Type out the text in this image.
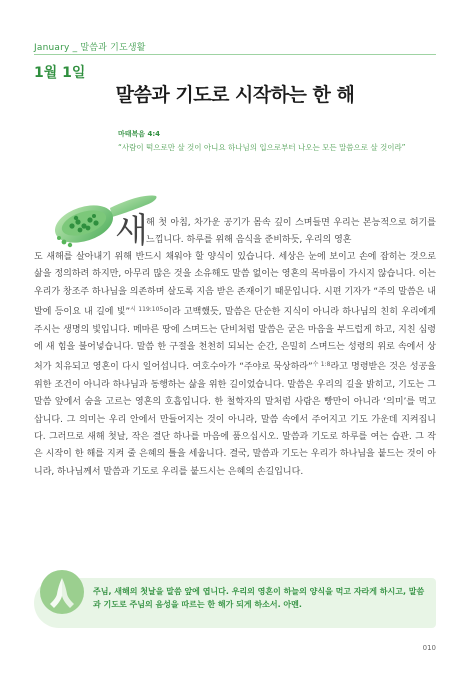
January _ 말씀과 기도생활
1월 1일
말씀과 기도로 시작하는 한 해
마태복음 4:4
“사람이 떡으로만 살 것이 아니요 하나님의 입으로부터 나오는 모든 말씀으로 살 것이라”
새

해 첫 아침, 차가운 공기가 몸속 깊이 스며들면 우리는 본능적으로 허기를 느낍니다. 하루를 위해 음식을 준비하듯, 우리의 영혼

도 새해를 살아내기 위해 반드시 채워야 할 양식이 있습니다. 세상은 눈에 보이고 손에 잡히는 것으로 삶을 정의하려 하지만, 아무리 많은 것을 소유해도 말씀 없이는 영혼의 목마름이 가시지 않습니다. 이는 우리가 창조주 하나님을 의존하며 살도록 지음 받은 존재이기 때문입니다. 시편 기자가 “주의 말씀은 내 발에 등이요 내 길에 빛”$^{시 119:105}$이라 고백했듯, 말씀은 단순한 지식이 아니라 하나님의 친히 우리에게 주시는 생명의 빛입니다. 메마른 땅에 스며드는 단비처럼 말씀은 굳은 마음을 부드럽게 하고, 지친 심령에 새 힘을 불어넣습니다. 말씀 한 구절을 천천히 되뇌는 순간, 은밀히 스며드는 성령의 위로 속에서 상처가 치유되고 영혼이 다시 일어섭니다. 여호수아가 “주야로 묵상하라”$^{수 1:8}$라고 명령받은 것은 성공을 위한 조건이 아니라 하나님과 동행하는 삶을 위한 길이었습니다. 말씀은 우리의 길을 밝히고, 기도는 그 말씀 앞에서 숨을 고르는 영혼의 호흡입니다. 한 철학자의 말처럼 사람은 빵만이 아니라 ‘의미’를 먹고 삽니다. 그 의미는 우리 안에서 만들어지는 것이 아니라, 말씀 속에서 주어지고 기도 가운데 지켜집니다. 그러므로 새해 첫날, 작은 결단 하나를 마음에 품으십시오. 말씀과 기도로 하루를 여는 습관. 그 작은 시작이 한 해를 지켜 줄 은혜의 틀을 세웁니다. 결국, 말씀과 기도는 우리가 하나님을 붙드는 것이 아니라, 하나님께서 말씀과 기도로 우리를 붙드시는 은혜의 손길입니다.

주님, 새해의 첫날을 말씀 앞에 엽니다. 우리의 영혼이 하늘의 양식을 먹고 자라게 하시고, 말씀과 기도로 주님의 음성을 따르는 한 해가 되게 하소서. 아멘.

010
